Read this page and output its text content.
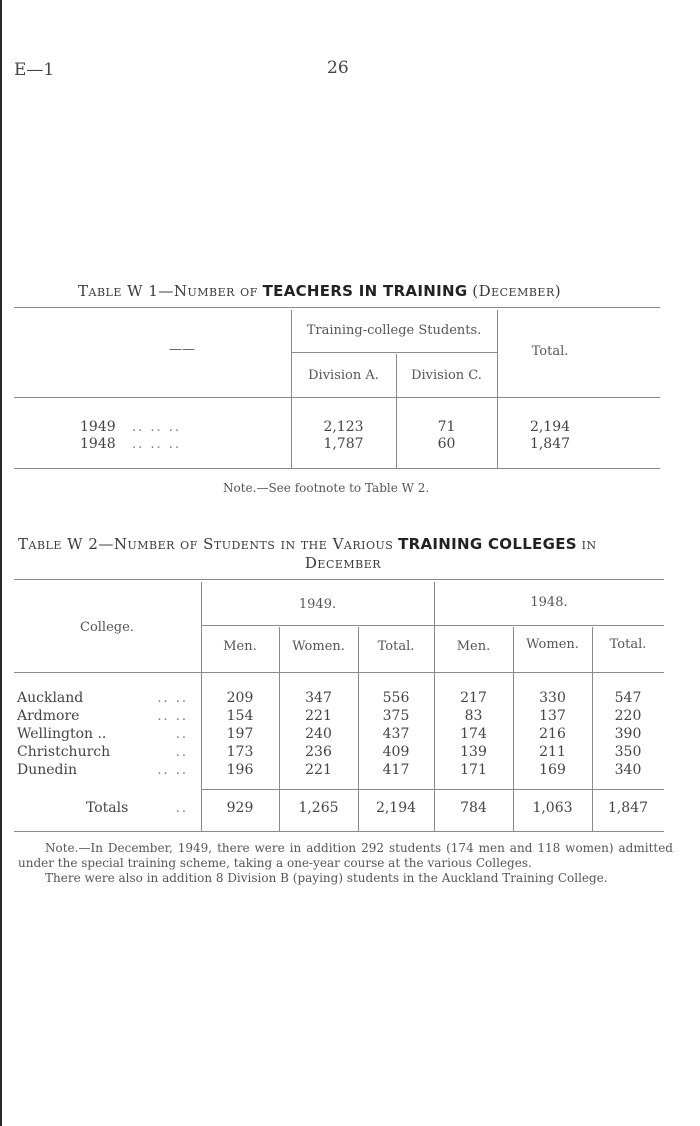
E—1	26
Table W 1—Number of TEACHERS IN TRAINING (December)
——
Training-college Students.
Division A.	Division C.
Total.
1949 .. .. ..	2,123	71	2,194
1948 .. .. ..	1,787	60	1,847
Note.—See footnote to Table W 2.
Table W 2—Number of Students in the Various TRAINING COLLEGES in
December
College.
1949.	1948.
Men.	Women.	Total.	Men.	Women.	Total.
Auckland	.. ..	209	347	556	217	330	547
Ardmore	.. ..	154	221	375	83	137	220
Wellington ..	..	197	240	437	174	216	390
Christchurch	..	173	236	409	139	211	350
Dunedin	.. ..	196	221	417	171	169	340
Totals	..	929	1,265	2,194	784	1,063	1,847
Note.—In December, 1949, there were in addition 292 students (174 men and 118 women) admitted under the special training scheme, taking a one-year course at the various Colleges.
There were also in addition 8 Division B (paying) students in the Auckland Training College.
